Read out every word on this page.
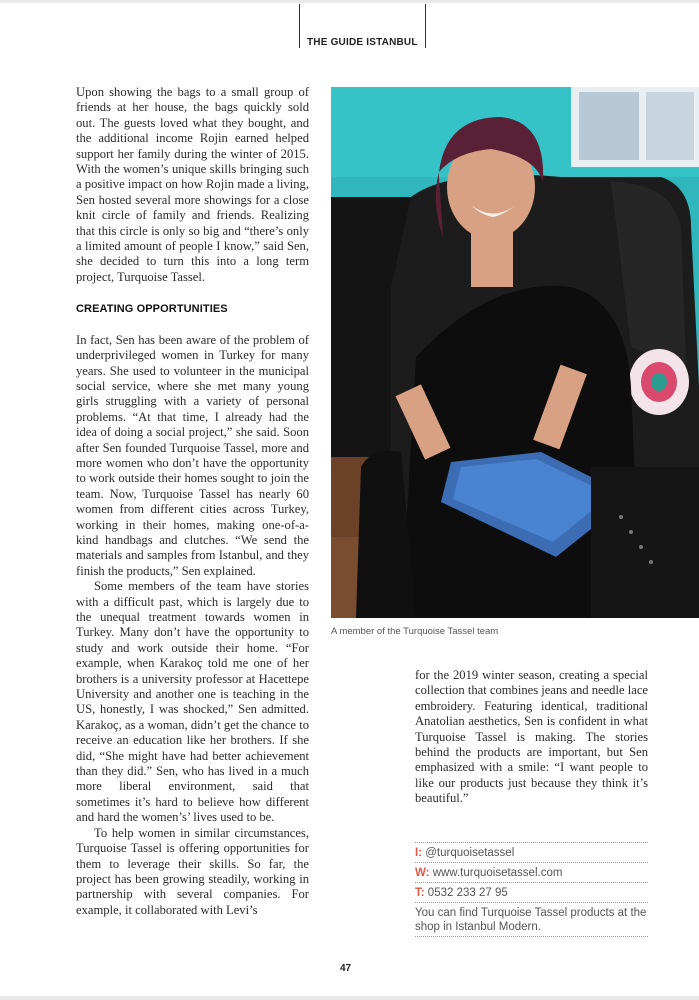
THE GUIDE ISTANBUL

Upon showing the bags to a small group of friends at her house, the bags quickly sold out. The guests loved what they bought, and the additional income Rojin earned helped support her family during the winter of 2015. With the women’s unique skills bringing such a positive impact on how Rojin made a living, Sen hosted several more showings for a close knit circle of family and friends. Realizing that this circle is only so big and “there’s only a limited amount of people I know,” said Sen, she decided to turn this into a long term project, Turquoise Tassel.

CREATING OPPORTUNITIES

In fact, Sen has been aware of the problem of underprivileged women in Turkey for many years. She used to volunteer in the municipal social service, where she met many young girls struggling with a variety of personal problems. “At that time, I already had the idea of doing a social project,” she said. Soon after Sen founded Turquoise Tassel, more and more women who don’t have the opportunity to work outside their homes sought to join the team. Now, Turquoise Tassel has nearly 60 women from different cities across Turkey, working in their homes, making one-of-a-kind handbags and clutches. “We send the materials and samples from Istanbul, and they finish the products,” Sen explained.

Some members of the team have stories with a difficult past, which is largely due to the unequal treatment towards women in Turkey. Many don’t have the opportunity to study and work outside their home. “For example, when Karakoç told me one of her brothers is a university professor at Hacettepe University and another one is teaching in the US, honestly, I was shocked,” Sen admitted. Karakoç, as a woman, didn’t get the chance to receive an education like her brothers. If she did, “She might have had better achievement than they did.” Sen, who has lived in a much more liberal environment, said that sometimes it’s hard to believe how different and hard the women’s’ lives used to be.

To help women in similar circumstances, Turquoise Tassel is offering opportunities for them to leverage their skills. So far, the project has been growing steadily, working in partnership with several companies. For example, it collaborated with Levi’s

A member of the Turquoise Tassel team

for the 2019 winter season, creating a special collection that combines jeans and needle lace embroidery. Featuring identical, traditional Anatolian aesthetics, Sen is confident in what Turquoise Tassel is making. The stories behind the products are important, but Sen emphasized with a smile: “I want people to like our products just because they think it’s beautiful.”

I: @turquoisetassel
W: www.turquoisetassel.com
T: 0532 233 27 95
You can find Turquoise Tassel products at the shop in Istanbul Modern.
47
